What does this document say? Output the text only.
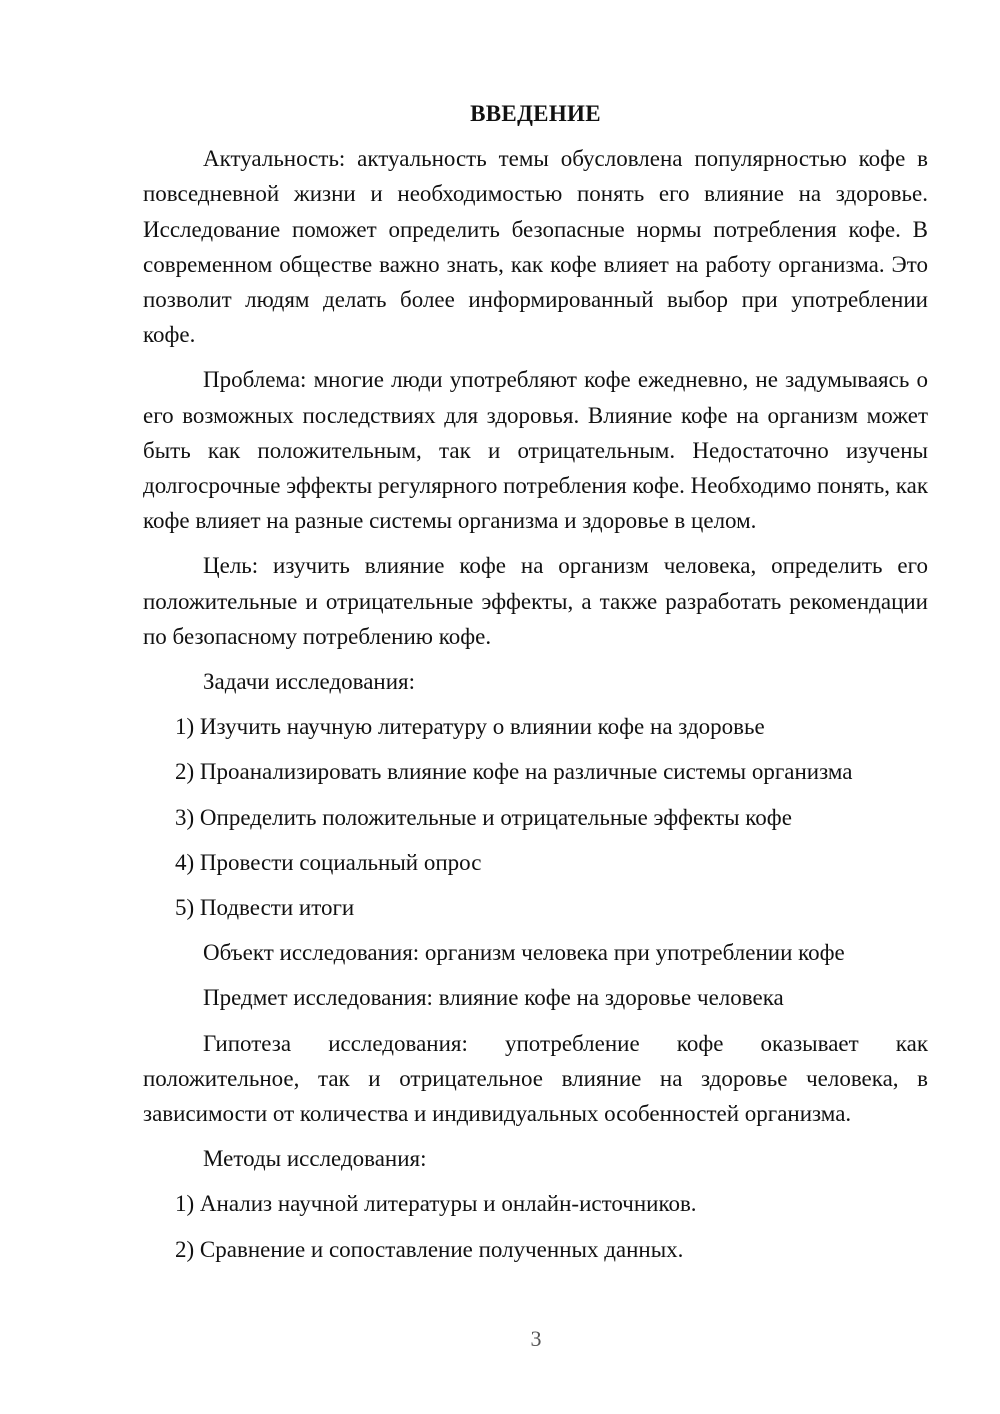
ВВЕДЕНИЕ

Актуальность: актуальность темы обусловлена популярностью кофе в повседневной жизни и необходимостью понять его влияние на здоровье. Исследование поможет определить безопасные нормы потребления кофе. В современном обществе важно знать, как кофе влияет на работу организма. Это позволит людям делать более информированный выбор при употреблении кофе.

Проблема: многие люди употребляют кофе ежедневно, не задумываясь о его возможных последствиях для здоровья. Влияние кофе на организм может быть как положительным, так и отрицательным. Недостаточно изучены долгосрочные эффекты регулярного потребления кофе. Необходимо понять, как кофе влияет на разные системы организма и здоровье в целом.

Цель: изучить влияние кофе на организм человека, определить его положительные и отрицательные эффекты, а также разработать рекомендации по безопасному потреблению кофе.

Задачи исследования:

1) Изучить научную литературу о влиянии кофе на здоровье
2) Проанализировать влияние кофе на различные системы организма
3) Определить положительные и отрицательные эффекты кофе
4) Провести социальный опрос
5) Подвести итоги

Объект исследования: организм человека при употреблении кофе

Предмет исследования: влияние кофе на здоровье человека

Гипотеза исследования: употребление кофе оказывает как положительное, так и отрицательное влияние на здоровье человека, в зависимости от количества и индивидуальных особенностей организма.

Методы исследования:

1) Анализ научной литературы и онлайн-источников.
2) Сравнение и сопоставление полученных данных.
3
